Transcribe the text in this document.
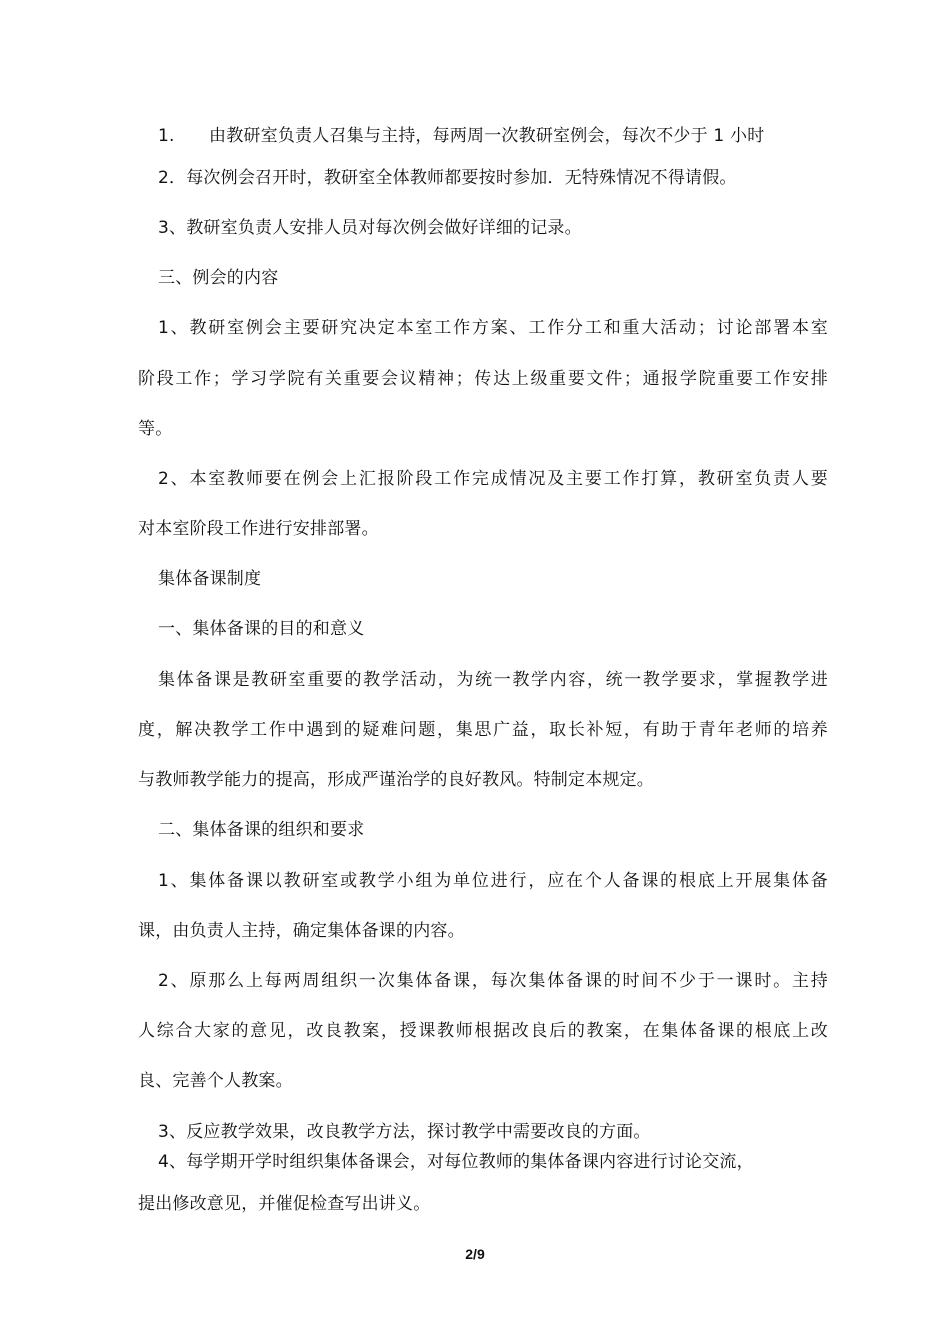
1.　　由教研室负责人召集与主持，每两周一次教研室例会，每次不少于 1 小时
2．每次例会召开时，教研室全体教师都要按时参加．无特殊情况不得请假。
3、教研室负责人安排人员对每次例会做好详细的记录。
三、例会的内容
1、教研室例会主要研究决定本室工作方案、工作分工和重大活动；讨论部署本室
阶段工作；学习学院有关重要会议精神；传达上级重要文件；通报学院重要工作安排
等。
2、本室教师要在例会上汇报阶段工作完成情况及主要工作打算，教研室负责人要
对本室阶段工作进行安排部署。
集体备课制度
一、集体备课的目的和意义
集体备课是教研室重要的教学活动，为统一教学内容，统一教学要求，掌握教学进
度，解决教学工作中遇到的疑难问题，集思广益，取长补短，有助于青年老师的培养
与教师教学能力的提高，形成严谨治学的良好教风。特制定本规定。
二、集体备课的组织和要求
1、集体备课以教研室或教学小组为单位进行，应在个人备课的根底上开展集体备
课，由负责人主持，确定集体备课的内容。
2、原那么上每两周组织一次集体备课，每次集体备课的时间不少于一课时。主持
人综合大家的意见，改良教案，授课教师根据改良后的教案，在集体备课的根底上改
良、完善个人教案。
3、反应教学效果，改良教学方法，探讨教学中需要改良的方面。
4、每学期开学时组织集体备课会，对每位教师的集体备课内容进行讨论交流，
提出修改意见，并催促检查写出讲义。
2/9
